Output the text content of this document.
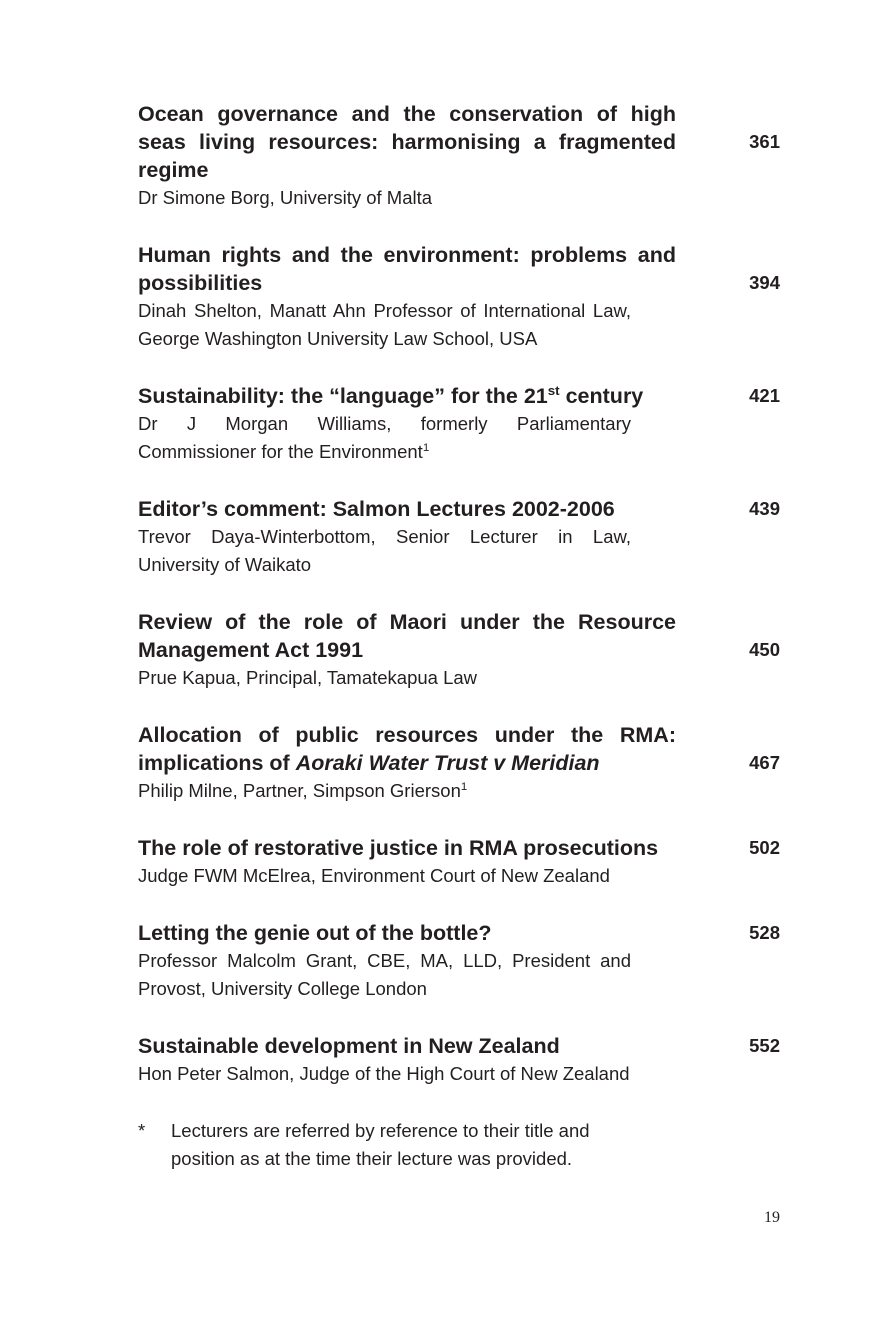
361

Ocean governance and the conservation of high seas living resources: harmonising a fragmented regime

Dr Simone Borg, University of Malta

394

Human rights and the environment: problems and possibilities

Dinah Shelton, Manatt Ahn Professor of International Law, George Washington University Law School, USA

421

Sustainability: the “language” for the 21st century

Dr J Morgan Williams, formerly Parliamentary Commissioner for the Environment$^1$

439

Editor’s comment: Salmon Lectures 2002-2006

Trevor Daya-Winterbottom, Senior Lecturer in Law, University of Waikato

450

Review of the role of Maori under the Resource Management Act 1991

Prue Kapua, Principal, Tamatekapua Law

467

Allocation of public resources under the RMA: implications of Aoraki Water Trust v Meridian

Philip Milne, Partner, Simpson Grierson$^1$

502

The role of restorative justice in RMA prosecutions

Judge FWM McElrea, Environment Court of New Zealand

528

Letting the genie out of the bottle?

Professor Malcolm Grant, CBE, MA, LLD, President and Provost, University College London

552

Sustainable development in New Zealand

Hon Peter Salmon, Judge of the High Court of New Zealand

* Lecturers are referred by reference to their title and position as at the time their lecture was provided.
19
